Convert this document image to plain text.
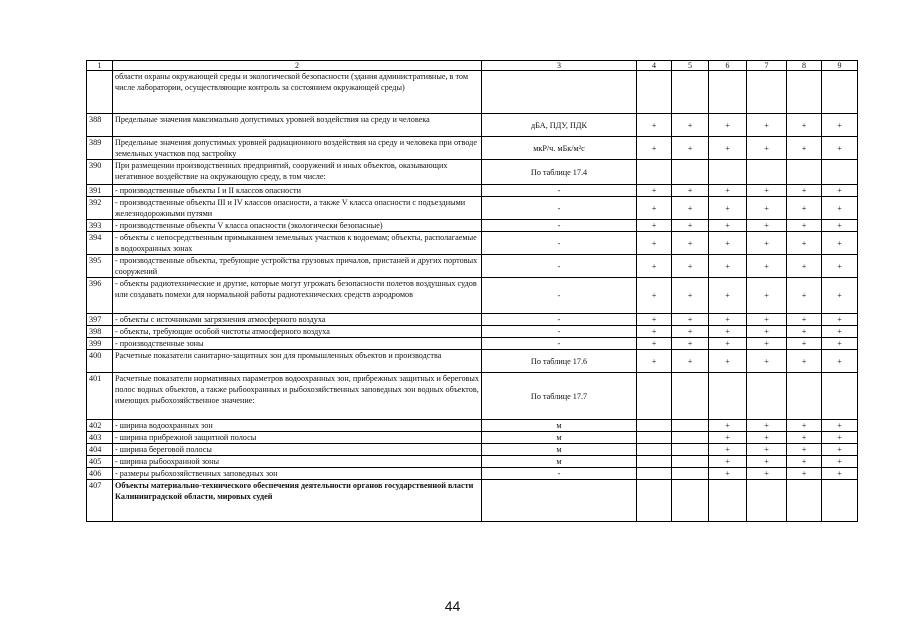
1	2	3	4	5	6	7	8	9
	области охраны окружающей среды и экологической безопасности (здания административные, в том числе лаборатории, осуществляющие контроль за состоянием окружающей среды)							
388	Предельные значения максимально допустимых уровней воздействия на среду и человека	дБА, ПДУ, ПДК	+	+	+	+	+	+
389	Предельные значения допустимых уровней радиационного воздействия на среду и человека при отводе земельных участков под застройку	мкР/ч. мБк/м²с	+	+	+	+	+	+
390	При размещении производственных предприятий, сооружений и иных объектов, оказывающих негативное воздействие на окружающую среду, в том числе:	По таблице 17.4						
391	- производственные объекты I и II классов опасности	-	+	+	+	+	+	+
392	- производственные объекты III и IV классов опасности, а также V класса опасности с подъездными железнодорожными путями	-	+	+	+	+	+	+
393	- производственные объекты V класса опасности (экологически безопасные)	-	+	+	+	+	+	+
394	- объекты с непосредственным примыканием земельных участков к водоемам; объекты, располагаемые в водоохранных зонах	-	+	+	+	+	+	+
395	- производственные объекты, требующие устройства грузовых причалов, пристаней и других портовых сооружений	-	+	+	+	+	+	+
396	- объекты радиотехнические и другие, которые могут угрожать безопасности полетов воздушных судов или создавать помехи для нормальной работы радиотехнических средств аэродромов	-	+	+	+	+	+	+
397	- объекты с источниками загрязнения атмосферного воздуха	-	+	+	+	+	+	+
398	- объекты, требующие особой чистоты атмосферного воздуха	-	+	+	+	+	+	+
399	- производственные зоны	-	+	+	+	+	+	+
400	Расчетные показатели санитарно-защитных зон для промышленных объектов и производства	По таблице 17.6	+	+	+	+	+	+
401	Расчетные показатели нормативных параметров водоохранных зон, прибрежных защитных и береговых полос водных объектов, а также рыбоохранных и рыбохозяйственных заповедных зон водных объектов, имеющих рыбохозяйственное значение:	По таблице 17.7						
402	- ширина водоохранных зон	м			+	+	+	+
403	- ширина прибрежной защитной полосы	м			+	+	+	+
404	- ширина береговой полосы	м			+	+	+	+
405	- ширина рыбоохранной зоны	м			+	+	+	+
406	- размеры рыбохозяйственных заповедных зон	-			+	+	+	+
407	Объекты материально-технического обеспечения деятельности органов государственной власти Калининградской области, мировых судей							
44
